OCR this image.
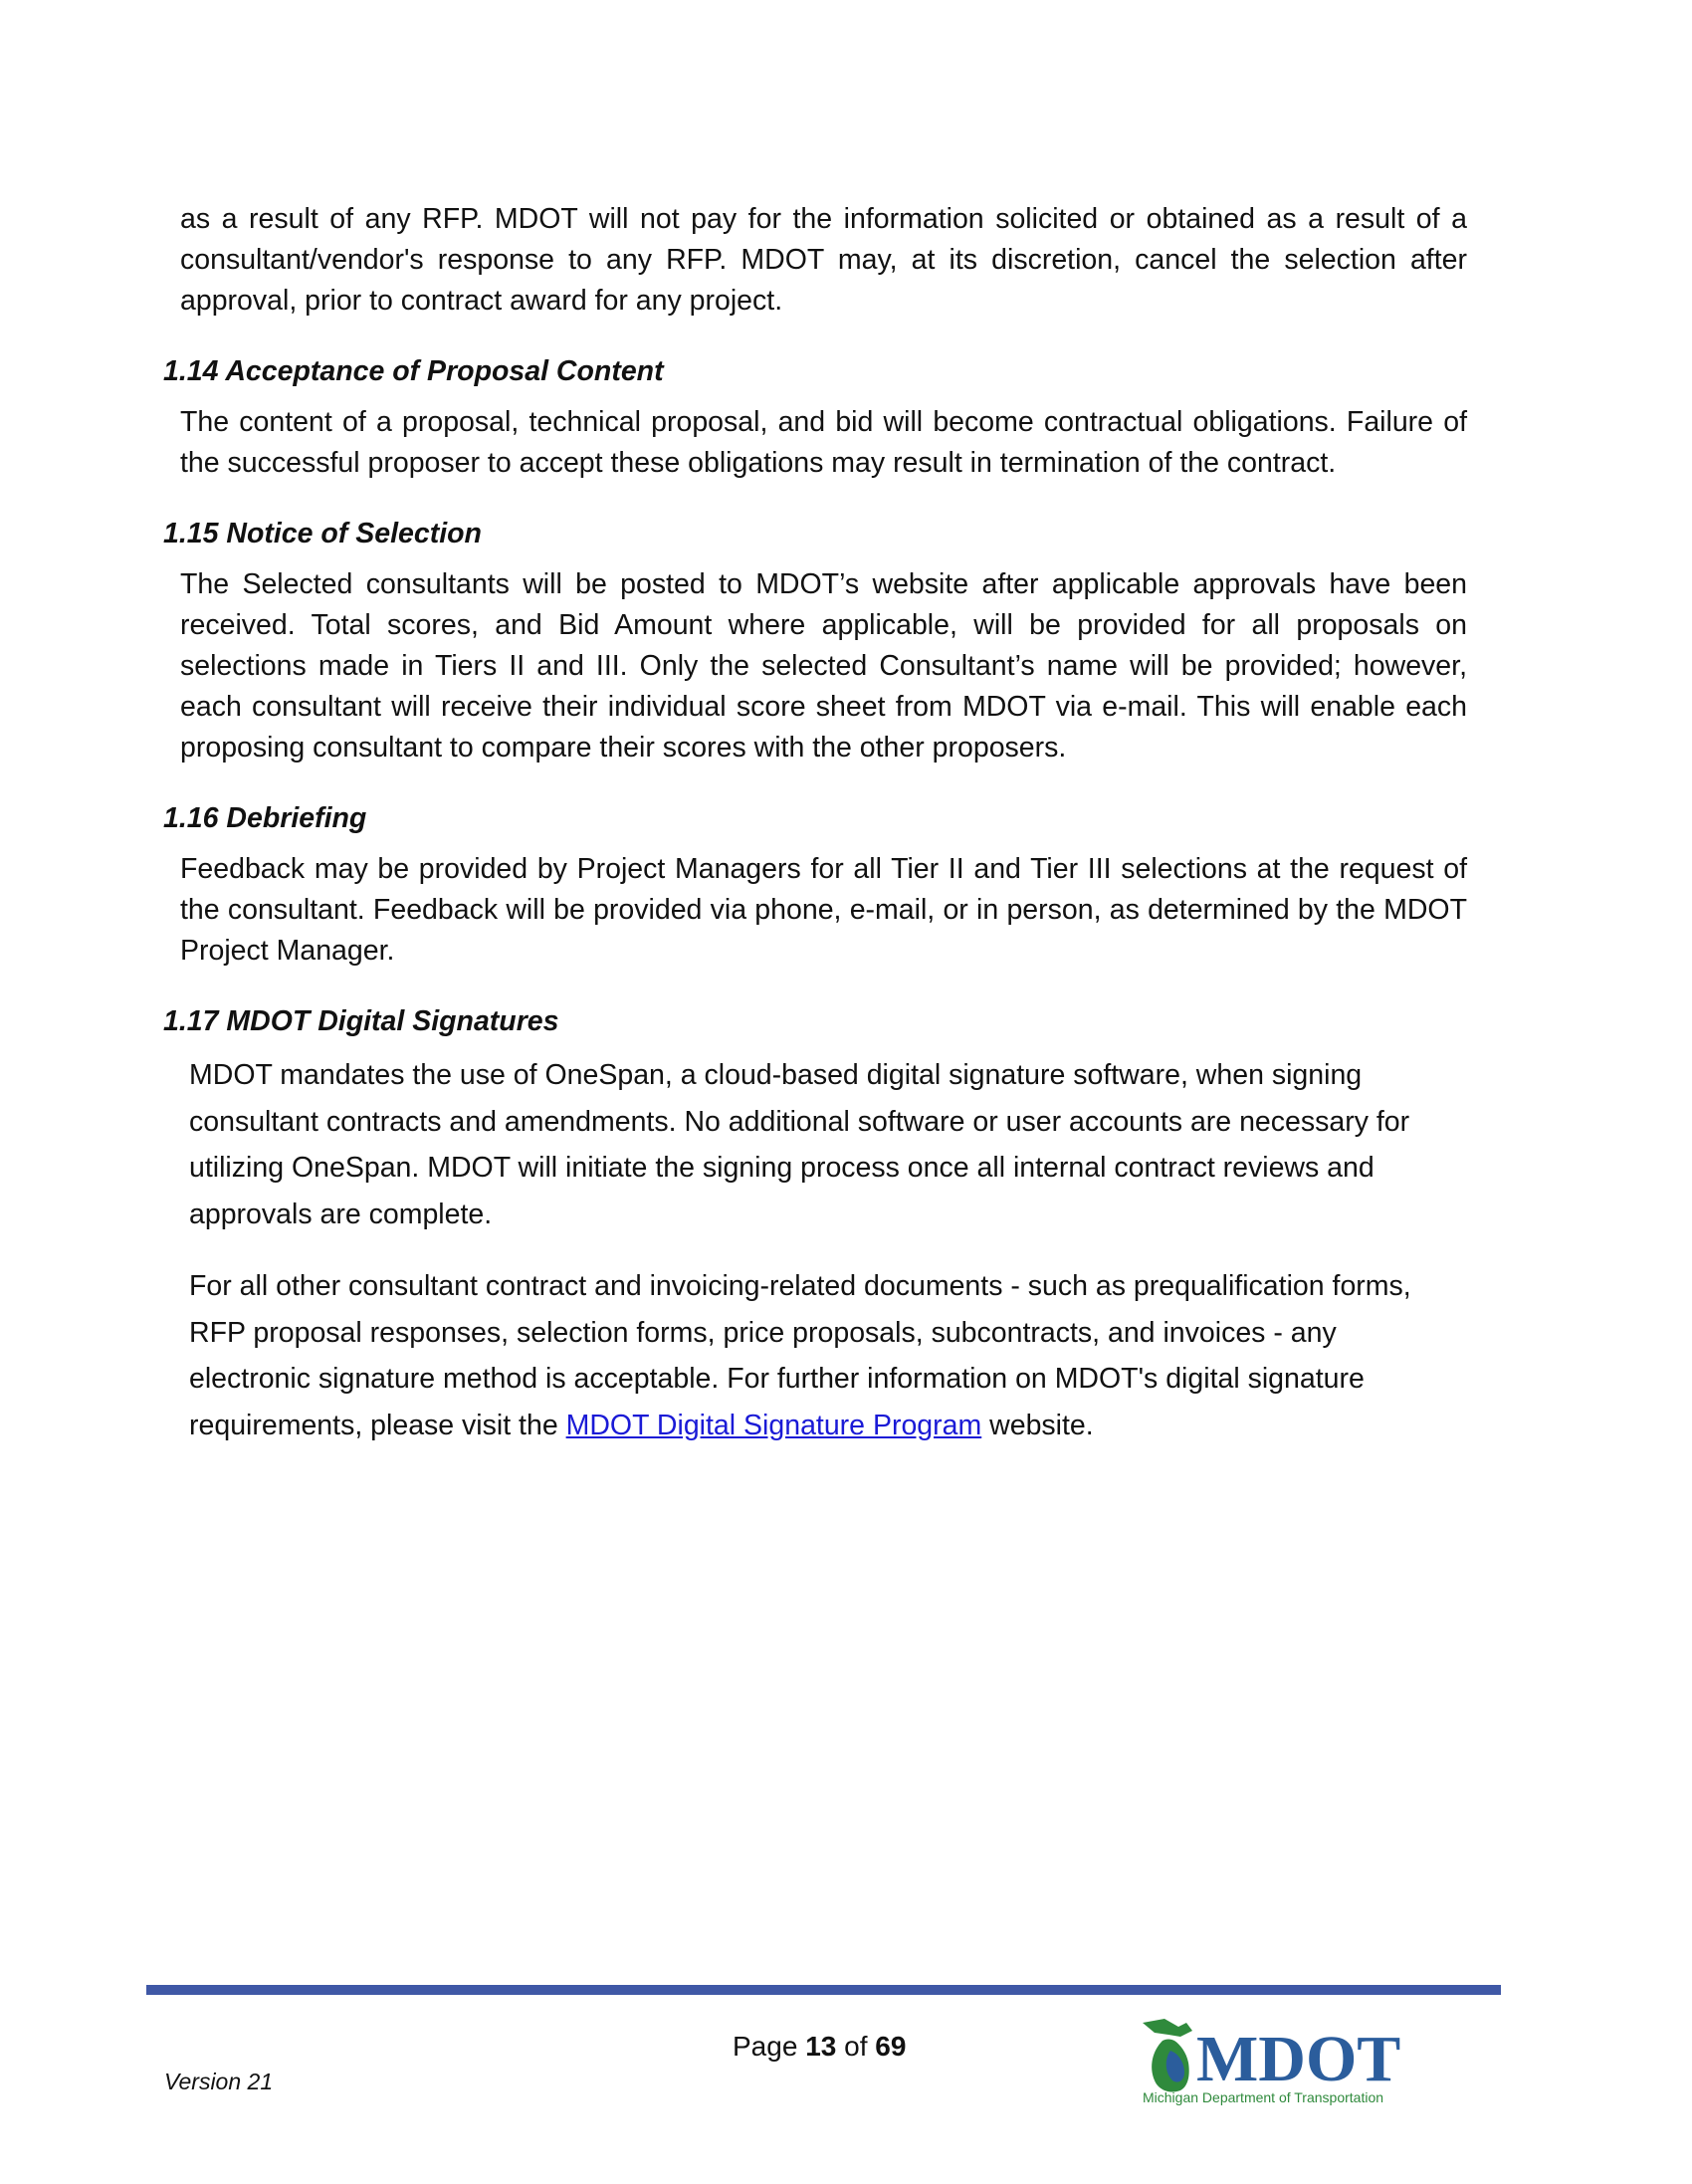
as a result of any RFP. MDOT will not pay for the information solicited or obtained as a result of a consultant/vendor's response to any RFP. MDOT may, at its discretion, cancel the selection after approval, prior to contract award for any project.

1.14 Acceptance of Proposal Content

The content of a proposal, technical proposal, and bid will become contractual obligations. Failure of the successful proposer to accept these obligations may result in termination of the contract.

1.15 Notice of Selection

The Selected consultants will be posted to MDOT’s website after applicable approvals have been received. Total scores, and Bid Amount where applicable, will be provided for all proposals on selections made in Tiers II and III. Only the selected Consultant’s name will be provided; however, each consultant will receive their individual score sheet from MDOT via e-mail. This will enable each proposing consultant to compare their scores with the other proposers.

1.16 Debriefing

Feedback may be provided by Project Managers for all Tier II and Tier III selections at the request of the consultant. Feedback will be provided via phone, e-mail, or in person, as determined by the MDOT Project Manager.

1.17 MDOT Digital Signatures

MDOT mandates the use of OneSpan, a cloud-based digital signature software, when signing consultant contracts and amendments. No additional software or user accounts are necessary for utilizing OneSpan. MDOT will initiate the signing process once all internal contract reviews and approvals are complete.

For all other consultant contract and invoicing-related documents - such as prequalification forms, RFP proposal responses, selection forms, price proposals, subcontracts, and invoices - any electronic signature method is acceptable. For further information on MDOT's digital signature requirements, please visit the MDOT Digital Signature Program website.

Page 13 of 69
Version 21	MDOT
Michigan Department of Transportation
